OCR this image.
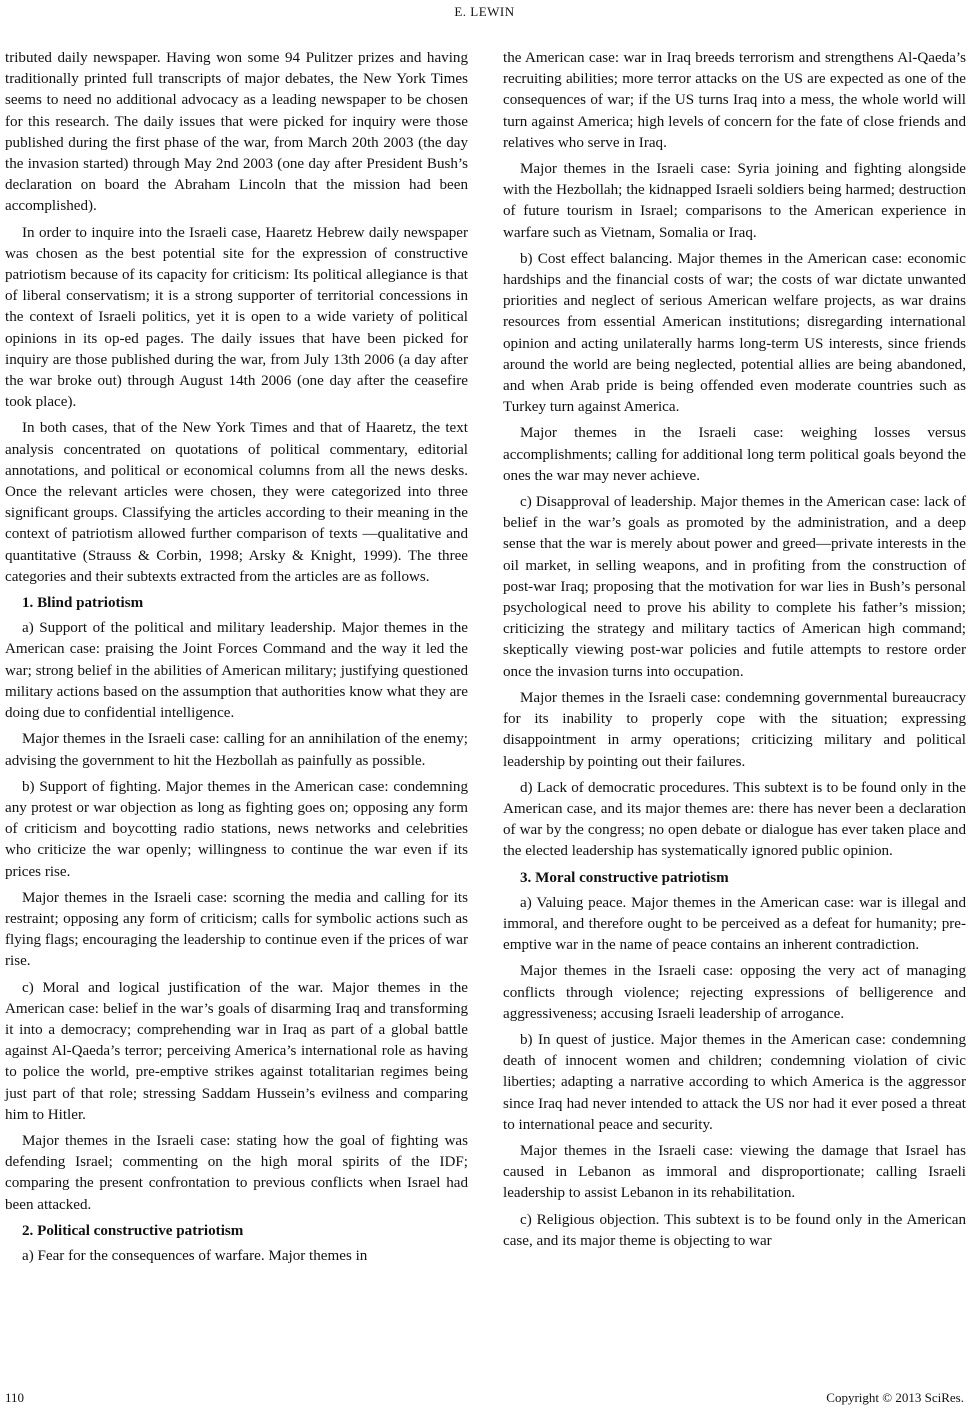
E. LEWIN

tributed daily newspaper. Having won some 94 Pulitzer prizes and having traditionally printed full transcripts of major debates, the New York Times seems to need no additional advocacy as a leading newspaper to be chosen for this research. The daily issues that were picked for inquiry were those published during the first phase of the war, from March 20th 2003 (the day the invasion started) through May 2nd 2003 (one day after President Bush’s declaration on board the Abraham Lincoln that the mission had been accomplished).

In order to inquire into the Israeli case, Haaretz Hebrew daily newspaper was chosen as the best potential site for the expression of constructive patriotism because of its capacity for criticism: Its political allegiance is that of liberal conservatism; it is a strong supporter of territorial concessions in the context of Israeli politics, yet it is open to a wide variety of political opinions in its op-ed pages. The daily issues that have been picked for inquiry are those published during the war, from July 13th 2006 (a day after the war broke out) through August 14th 2006 (one day after the ceasefire took place).

In both cases, that of the New York Times and that of Haaretz, the text analysis concentrated on quotations of political commentary, editorial annotations, and political or economical columns from all the news desks. Once the relevant articles were chosen, they were categorized into three significant groups. Classifying the articles according to their meaning in the context of patriotism allowed further comparison of texts —qualitative and quantitative (Strauss & Corbin, 1998; Arsky & Knight, 1999). The three categories and their subtexts extracted from the articles are as follows.

1. Blind patriotism

a) Support of the political and military leadership. Major themes in the American case: praising the Joint Forces Command and the way it led the war; strong belief in the abilities of American military; justifying questioned military actions based on the assumption that authorities know what they are doing due to confidential intelligence.

Major themes in the Israeli case: calling for an annihilation of the enemy; advising the government to hit the Hezbollah as painfully as possible.

b) Support of fighting. Major themes in the American case: condemning any protest or war objection as long as fighting goes on; opposing any form of criticism and boycotting radio stations, news networks and celebrities who criticize the war openly; willingness to continue the war even if its prices rise.

Major themes in the Israeli case: scorning the media and calling for its restraint; opposing any form of criticism; calls for symbolic actions such as flying flags; encouraging the leadership to continue even if the prices of war rise.

c) Moral and logical justification of the war. Major themes in the American case: belief in the war’s goals of disarming Iraq and transforming it into a democracy; comprehending war in Iraq as part of a global battle against Al-Qaeda’s terror; perceiving America’s international role as having to police the world, pre-emptive strikes against totalitarian regimes being just part of that role; stressing Saddam Hussein’s evilness and comparing him to Hitler.

Major themes in the Israeli case: stating how the goal of fighting was defending Israel; commenting on the high moral spirits of the IDF; comparing the present confrontation to previous conflicts when Israel had been attacked.

2. Political constructive patriotism

a) Fear for the consequences of warfare. Major themes in

the American case: war in Iraq breeds terrorism and strengthens Al-Qaeda’s recruiting abilities; more terror attacks on the US are expected as one of the consequences of war; if the US turns Iraq into a mess, the whole world will turn against America; high levels of concern for the fate of close friends and relatives who serve in Iraq.

Major themes in the Israeli case: Syria joining and fighting alongside with the Hezbollah; the kidnapped Israeli soldiers being harmed; destruction of future tourism in Israel; comparisons to the American experience in warfare such as Vietnam, Somalia or Iraq.

b) Cost effect balancing. Major themes in the American case: economic hardships and the financial costs of war; the costs of war dictate unwanted priorities and neglect of serious American welfare projects, as war drains resources from essential American institutions; disregarding international opinion and acting unilaterally harms long-term US interests, since friends around the world are being neglected, potential allies are being abandoned, and when Arab pride is being offended even moderate countries such as Turkey turn against America.

Major themes in the Israeli case: weighing losses versus accomplishments; calling for additional long term political goals beyond the ones the war may never achieve.

c) Disapproval of leadership. Major themes in the American case: lack of belief in the war’s goals as promoted by the administration, and a deep sense that the war is merely about power and greed—private interests in the oil market, in selling weapons, and in profiting from the construction of post-war Iraq; proposing that the motivation for war lies in Bush’s personal psychological need to prove his ability to complete his father’s mission; criticizing the strategy and military tactics of American high command; skeptically viewing post-war policies and futile attempts to restore order once the invasion turns into occupation.

Major themes in the Israeli case: condemning governmental bureaucracy for its inability to properly cope with the situation; expressing disappointment in army operations; criticizing military and political leadership by pointing out their failures.

d) Lack of democratic procedures. This subtext is to be found only in the American case, and its major themes are: there has never been a declaration of war by the congress; no open debate or dialogue has ever taken place and the elected leadership has systematically ignored public opinion.

3. Moral constructive patriotism

a) Valuing peace. Major themes in the American case: war is illegal and immoral, and therefore ought to be perceived as a defeat for humanity; pre-emptive war in the name of peace contains an inherent contradiction.

Major themes in the Israeli case: opposing the very act of managing conflicts through violence; rejecting expressions of belligerence and aggressiveness; accusing Israeli leadership of arrogance.

b) In quest of justice. Major themes in the American case: condemning death of innocent women and children; condemning violation of civic liberties; adapting a narrative according to which America is the aggressor since Iraq had never intended to attack the US nor had it ever posed a threat to international peace and security.

Major themes in the Israeli case: viewing the damage that Israel has caused in Lebanon as immoral and disproportionate; calling Israeli leadership to assist Lebanon in its rehabilitation.

c) Religious objection. This subtext is to be found only in the American case, and its major theme is objecting to war

110	Copyright © 2013 SciRes.
